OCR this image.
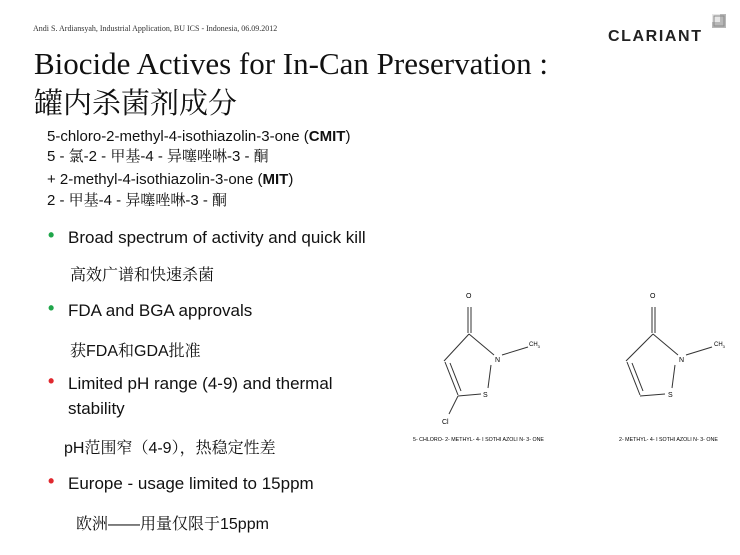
Andi S. Ardiansyah, Industrial Application, BU ICS - Indonesia, 06.09.2012	CLARIANT
Biocide Actives for In-Can Preservation :
罐内杀菌剂成分
5-chloro-2-methyl-4-isothiazolin-3-one (CMIT)
5 - 氯-2 - 甲基-4 - 异噻唑啉-3 - 酮
+ 2-methyl-4-isothiazolin-3-one (MIT)
2 - 甲基-4 - 异噻唑啉-3 - 酮
• Broad spectrum of activity and quick kill
高效广谱和快速杀菌
• FDA and BGA approvals
获FDA和GDA批准
• Limited pH range (4-9) and thermal
stability
pH范围窄（4-9），热稳定性差
• Europe - usage limited to 15ppm
欧洲——用量仅限于15ppm
O
N
S
$CH_3$
Cl
5- CHLORO- 2- METHYL- 4- I SOTHI AZOLI N- 3- ONE
O
N
S
$CH_3$
2- METHYL- 4- I SOTHI AZOLI N- 3- ONE
